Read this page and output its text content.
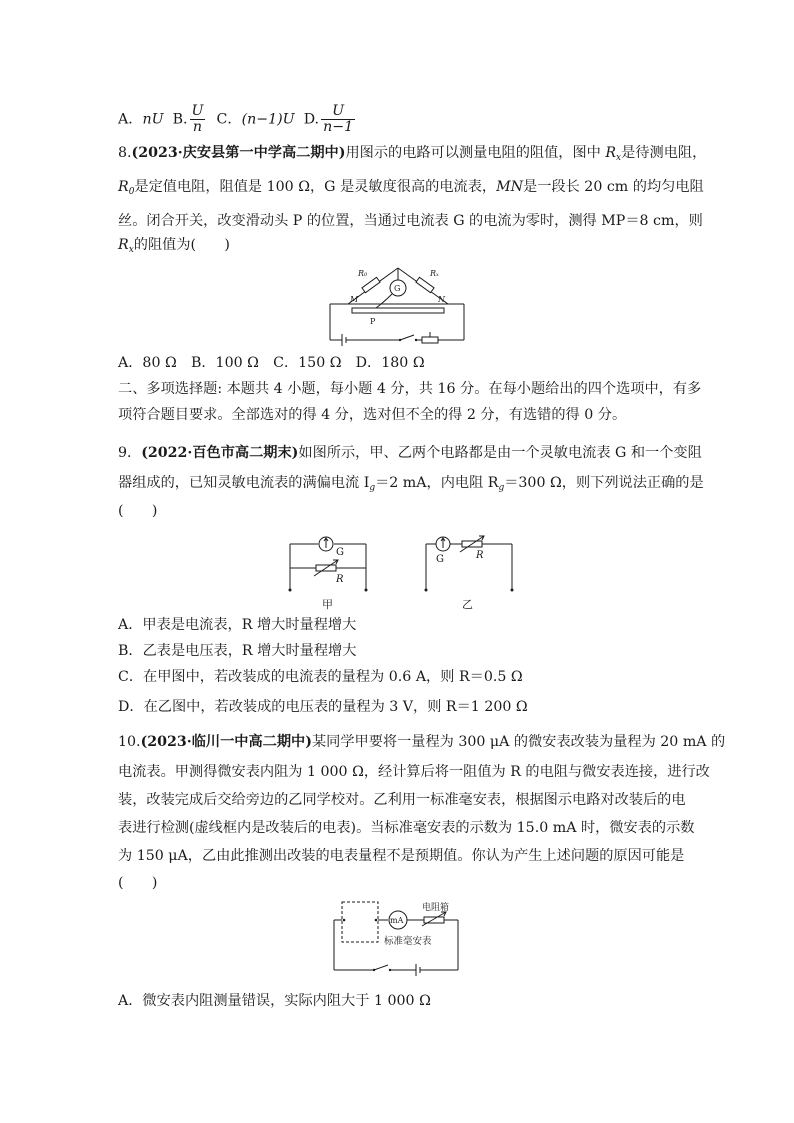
A．nU B. $\frac{U}{n}$ C．(n−1)U D. $\frac{U}{n-1}$
8.(2023·庆安县第一中学高二期中)用图示的电路可以测量电阻的阻值，图中 $R_x$是待测电阻，
$R_0$是定值电阻，阻值是 100 Ω，G 是灵敏度很高的电流表，MN是一段长 20 cm 的均匀电阻
丝。闭合开关，改变滑动头 P 的位置，当通过电流表 G 的电流为零时，测得 MP＝8 cm，则
$R_x$的阻值为(　　)
R₀	Rₓ
G
M	N
P
A．80 Ω　B．100 Ω　C．150 Ω　D．180 Ω
二、多项选择题: 本题共 4 小题，每小题 4 分，共 16 分。在每小题给出的四个选项中，有多
项符合题目要求。全部选对的得 4 分，选对但不全的得 2 分，有选错的得 0 分。
9．(2022·百色市高二期末)如图所示，甲、乙两个电路都是由一个灵敏电流表 G 和一个变阻
器组成的，已知灵敏电流表的满偏电流 $I_g=2$ mA，内电阻 $R_g=300$ Ω，则下列说法正确的是
(　　)
G
R
甲
G	R
乙
A．甲表是电流表，R 增大时量程增大
B．乙表是电压表，R 增大时量程增大
C．在甲图中，若改装成的电流表的量程为 0.6 A，则 R＝0.5 Ω
D．在乙图中，若改装成的电压表的量程为 3 V，则 R＝1 200 Ω
10.(2023·临川一中高二期中)某同学甲要将一量程为 300 μA 的微安表改装为量程为 20 mA 的
电流表。甲测得微安表内阻为 1 000 Ω，经计算后将一阻值为 R 的电阻与微安表连接，进行改
装，改装完成后交给旁边的乙同学校对。乙利用一标准毫安表，根据图示电路对改装后的电
表进行检测(虚线框内是改装后的电表)。当标准毫安表的示数为 15.0 mA 时，微安表的示数
为 150 μA，乙由此推测出改装的电表量程不是预期值。你认为产生上述问题的原因可能是
(　　)
mA
电阻箱
标准毫安表
A．微安表内阻测量错误，实际内阻大于 1 000 Ω
